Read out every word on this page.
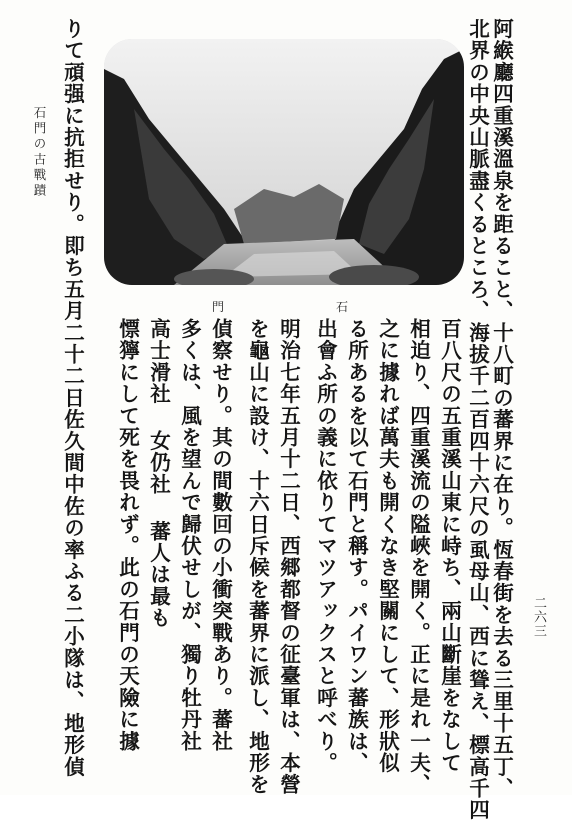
阿緱廳四重溪溫泉を距ること、十八町の蕃界に在り。恆春街を去る三里十五丁、
北界の中央山脈盡くるところ、海拔千二百四十六尺の虱母山、西に聳え、標高千四
百八尺の五重溪山東に峙ち、兩山斷崖をなして
相迫り、四重溪流の隘峽を開く。正に是れ一夫、
之に據れば萬夫も開くなき堅關にして、形狀似
る所あるを以て石門と稱す。パイワン蕃族は、
出會ふ所の義に依りてマツアックスと呼べり。
明治七年五月十二日、西郷都督の征臺軍は、本營
を龜山に設け、十六日斥候を蕃界に派し、地形を
偵察せり。其の間數回の小衝突戰あり。蕃社
多くは、風を望んで歸伏せしが、獨り牡丹社
高士滑社 女仍社 蕃人は最も
慓獰にして死を畏れず。此の石門の天險に據
りて頑强に抗拒せり。即ち五月二十二日佐久間中佐の率ふる二小隊は、地形偵	門	石
石門の古戰蹟
二六三
